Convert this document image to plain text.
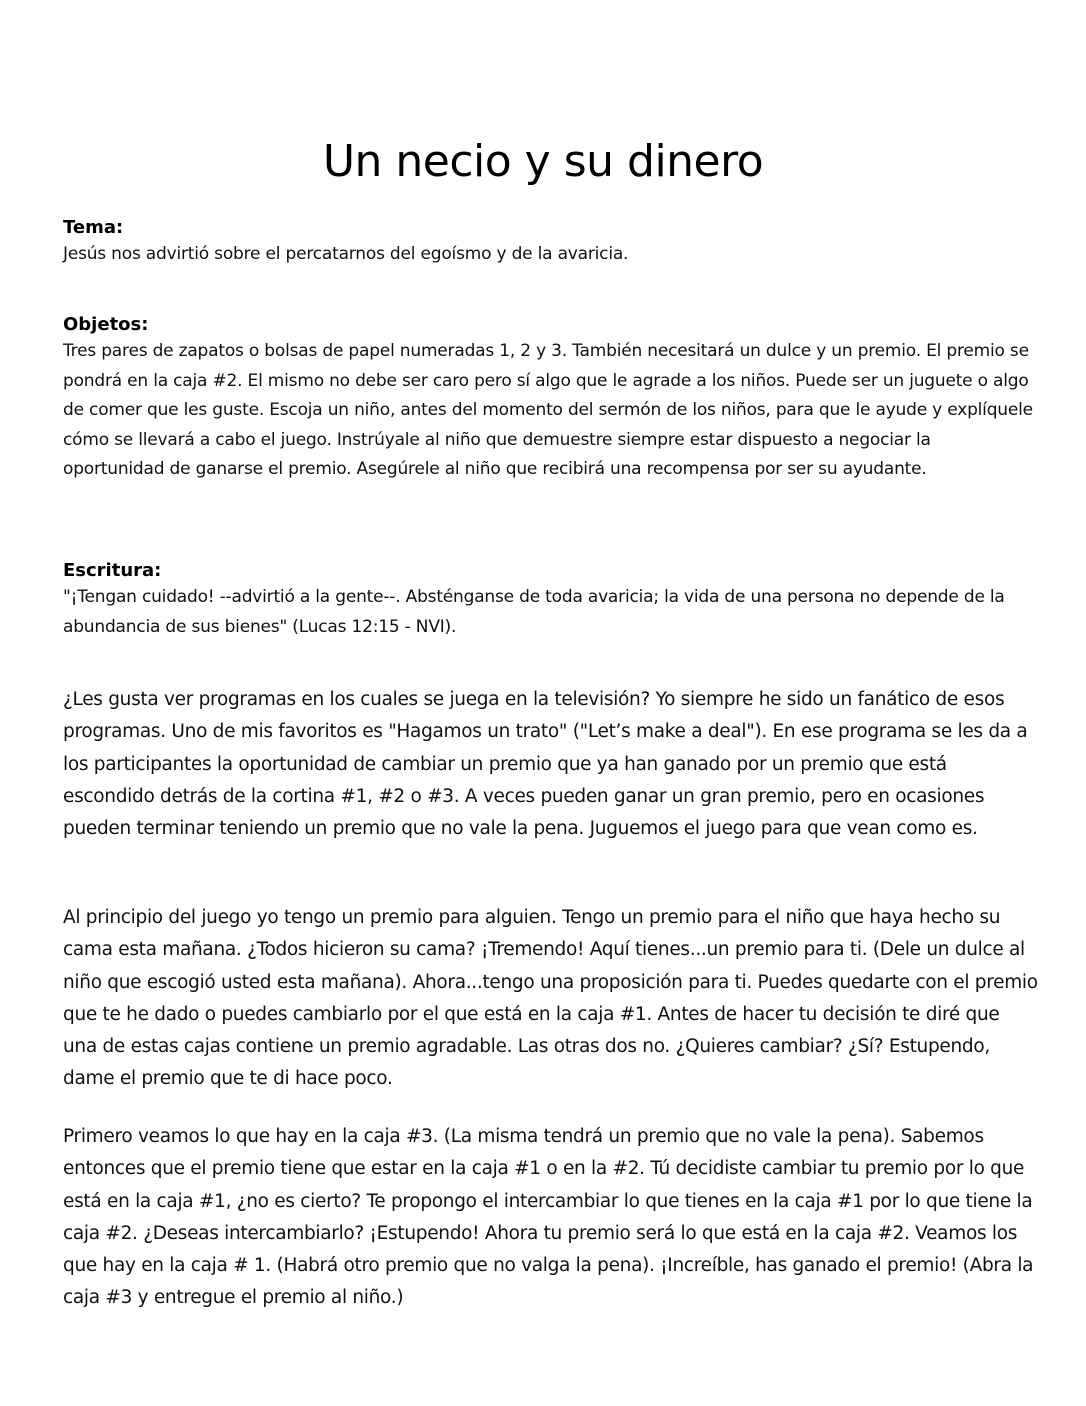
Un necio y su dinero

Tema:

Jesús nos advirtió sobre el percatarnos del egoísmo y de la avaricia.

Objetos:

Tres pares de zapatos o bolsas de papel numeradas 1, 2 y 3. También necesitará un dulce y un premio. El premio se pondrá en la caja #2. El mismo no debe ser caro pero sí algo que le agrade a los niños. Puede ser un juguete o algo de comer que les guste. Escoja un niño, antes del momento del sermón de los niños, para que le ayude y explíquele cómo se llevará a cabo el juego. Instrúyale al niño que demuestre siempre estar dispuesto a negociar la oportunidad de ganarse el premio. Asegúrele al niño que recibirá una recompensa por ser su ayudante.

Escritura:

"¡Tengan cuidado! --advirtió a la gente--. Absténganse de toda avaricia; la vida de una persona no depende de la abundancia de sus bienes" (Lucas 12:15 - NVI).

¿Les gusta ver programas en los cuales se juega en la televisión? Yo siempre he sido un fanático de esos programas. Uno de mis favoritos es "Hagamos un trato" ("Let’s make a deal"). En ese programa se les da a los participantes la oportunidad de cambiar un premio que ya han ganado por un premio que está escondido detrás de la cortina #1, #2 o #3. A veces pueden ganar un gran premio, pero en ocasiones pueden terminar teniendo un premio que no vale la pena. Juguemos el juego para que vean como es.

Al principio del juego yo tengo un premio para alguien. Tengo un premio para el niño que haya hecho su cama esta mañana. ¿Todos hicieron su cama? ¡Tremendo! Aquí tienes...un premio para ti. (Dele un dulce al niño que escogió usted esta mañana). Ahora...tengo una proposición para ti. Puedes quedarte con el premio que te he dado o puedes cambiarlo por el que está en la caja #1. Antes de hacer tu decisión te diré que una de estas cajas contiene un premio agradable. Las otras dos no. ¿Quieres cambiar? ¿Sí? Estupendo, dame el premio que te di hace poco.

Primero veamos lo que hay en la caja #3. (La misma tendrá un premio que no vale la pena). Sabemos entonces que el premio tiene que estar en la caja #1 o en la #2. Tú decidiste cambiar tu premio por lo que está en la caja #1, ¿no es cierto? Te propongo el intercambiar lo que tienes en la caja #1 por lo que tiene la caja #2. ¿Deseas intercambiarlo? ¡Estupendo! Ahora tu premio será lo que está en la caja #2. Veamos los que hay en la caja # 1. (Habrá otro premio que no valga la pena). ¡Increíble, has ganado el premio! (Abra la caja #3 y entregue el premio al niño.)
